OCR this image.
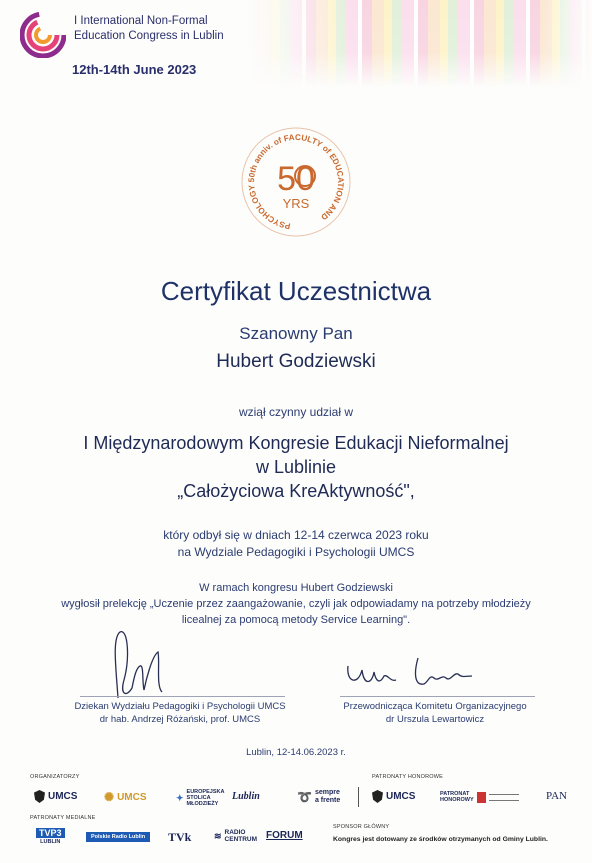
I International Non-Formal
Education Congress in Lublin
12th-14th June 2023
PSYCHOLOGY 50th anniv. of FACULTY of EDUCATION AND
50
YRS
Certyfikat Uczestnictwa
Szanowny Pan
Hubert Godziewski
wziął czynny udział w
I Międzynarodowym Kongresie Edukacji Nieformalnej
w Lublinie
„Całożyciowa KreAktywność",
który odbył się w dniach 12-14 czerwca 2023 roku
na Wydziale Pedagogiki i Psychologii UMCS
W ramach kongresu Hubert Godziewski
wygłosił prelekcję „Uczenie przez zaangażowanie, czyli jak odpowiadamy na potrzeby młodzieży
licealnej za pomocą metody Service Learning".
Dziekan Wydziału Pedagogiki i Psychologii UMCS
dr hab. Andrzej Różański, prof. UMCS
Przewodnicząca Komitetu Organizacyjnego
dr Urszula Lewartowicz
Lublin, 12-14.06.2023 r.
ORGANIZATORZY	PATRONATY HONOROWE
UMCS ✺ UMCS	✦
EUROPEJSKA
STOLICA
MŁODZIEŻY
Lublin	➰ sempre
a frente	UMCS	PATRONAT
HONOROWY	PAN
PATRONATY MEDIALNE
SPONSOR GŁÓWNY
TVP3
LUBLIN
Polskie Radio Lublin	TVk	≋ RADIO
CENTRUM FORUM	Kongres jest dotowany ze środków otrzymanych od Gminy Lublin.
